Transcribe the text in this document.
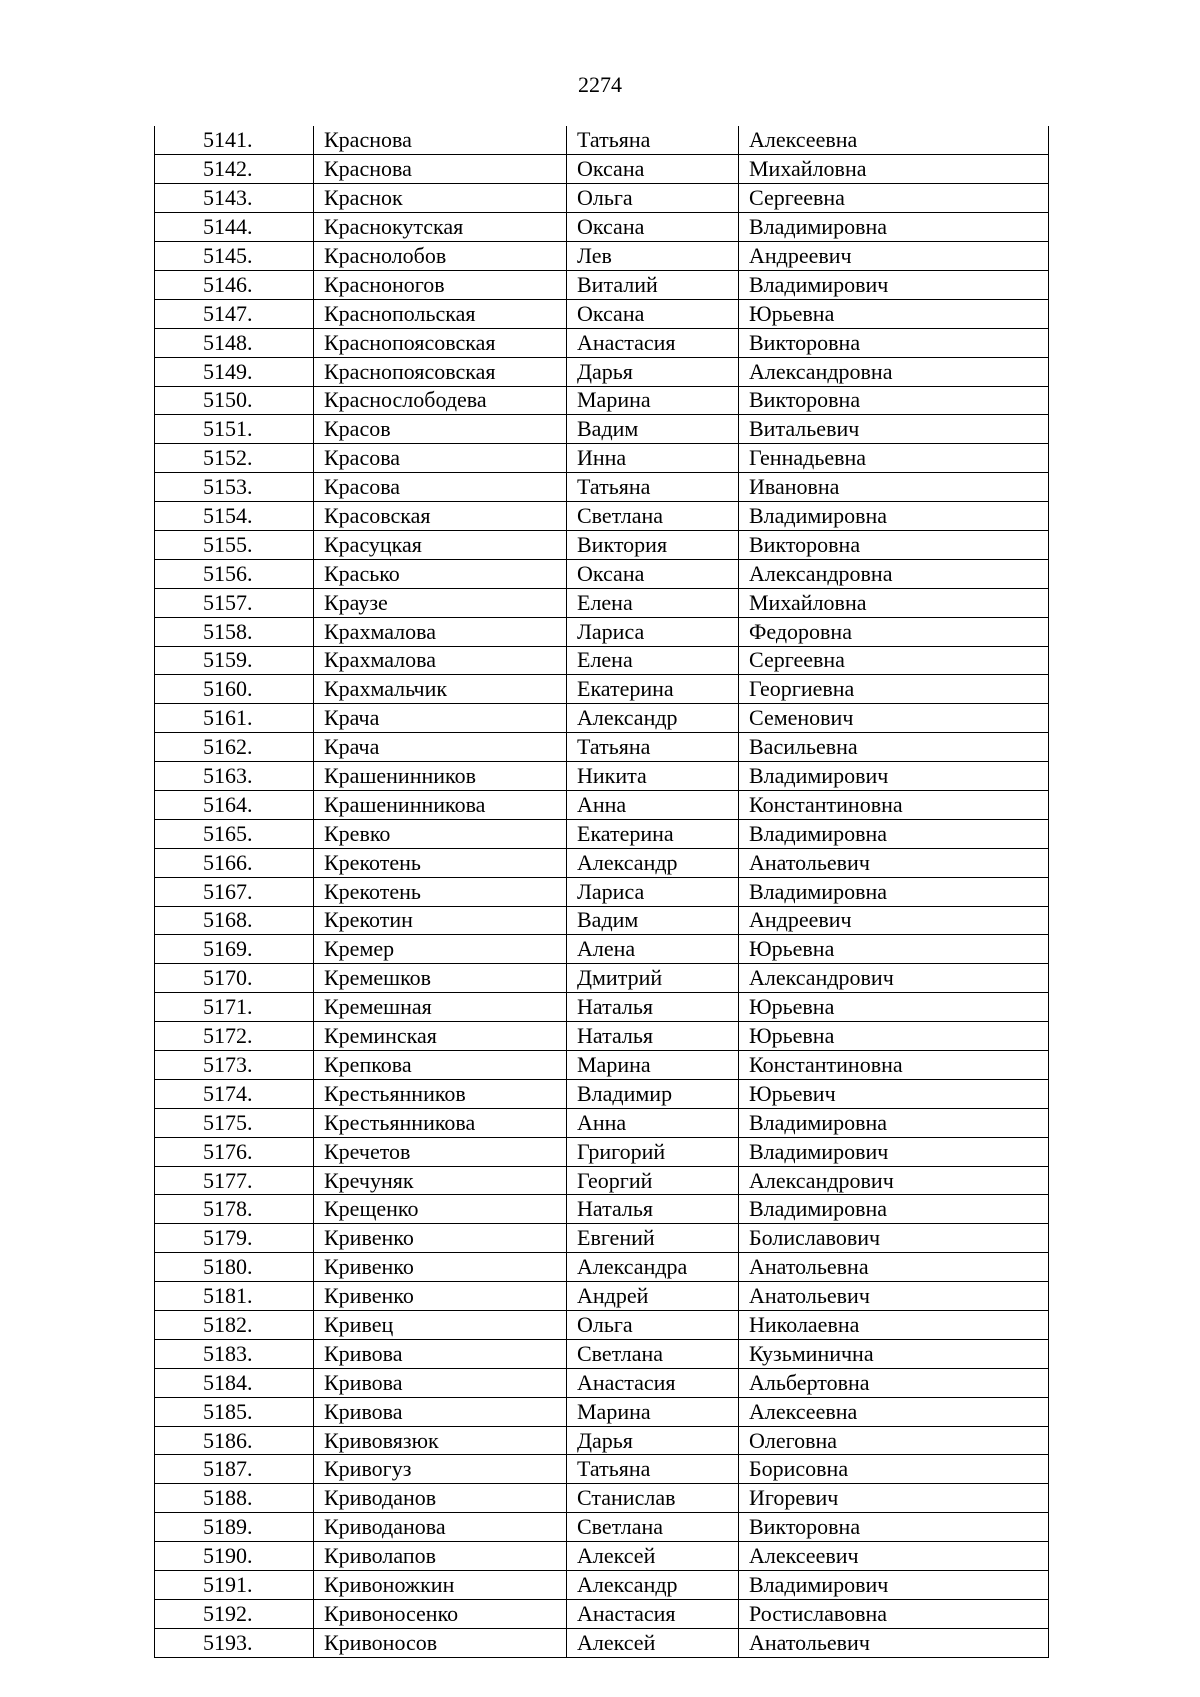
2274
5141.	Краснова	Татьяна	Алексеевна
5142.	Краснова	Оксана	Михайловна
5143.	Краснок	Ольга	Сергеевна
5144.	Краснокутская	Оксана	Владимировна
5145.	Краснолобов	Лев	Андреевич
5146.	Красноногов	Виталий	Владимирович
5147.	Краснопольская	Оксана	Юрьевна
5148.	Краснопоясовская	Анастасия	Викторовна
5149.	Краснопоясовская	Дарья	Александровна
5150.	Краснослободева	Марина	Викторовна
5151.	Красов	Вадим	Витальевич
5152.	Красова	Инна	Геннадьевна
5153.	Красова	Татьяна	Ивановна
5154.	Красовская	Светлана	Владимировна
5155.	Красуцкая	Виктория	Викторовна
5156.	Красько	Оксана	Александровна
5157.	Краузе	Елена	Михайловна
5158.	Крахмалова	Лариса	Федоровна
5159.	Крахмалова	Елена	Сергеевна
5160.	Крахмальчик	Екатерина	Георгиевна
5161.	Крача	Александр	Семенович
5162.	Крача	Татьяна	Васильевна
5163.	Крашенинников	Никита	Владимирович
5164.	Крашенинникова	Анна	Константиновна
5165.	Кревко	Екатерина	Владимировна
5166.	Крекотень	Александр	Анатольевич
5167.	Крекотень	Лариса	Владимировна
5168.	Крекотин	Вадим	Андреевич
5169.	Кремер	Алена	Юрьевна
5170.	Кремешков	Дмитрий	Александрович
5171.	Кремешная	Наталья	Юрьевна
5172.	Креминская	Наталья	Юрьевна
5173.	Крепкова	Марина	Константиновна
5174.	Крестьянников	Владимир	Юрьевич
5175.	Крестьянникова	Анна	Владимировна
5176.	Кречетов	Григорий	Владимирович
5177.	Кречуняк	Георгий	Александрович
5178.	Крещенко	Наталья	Владимировна
5179.	Кривенко	Евгений	Болиславович
5180.	Кривенко	Александра	Анатольевна
5181.	Кривенко	Андрей	Анатольевич
5182.	Кривец	Ольга	Николаевна
5183.	Кривова	Светлана	Кузьминична
5184.	Кривова	Анастасия	Альбертовна
5185.	Кривова	Марина	Алексеевна
5186.	Кривовязюк	Дарья	Олеговна
5187.	Кривогуз	Татьяна	Борисовна
5188.	Криводанов	Станислав	Игоревич
5189.	Криводанова	Светлана	Викторовна
5190.	Криволапов	Алексей	Алексеевич
5191.	Кривоножкин	Александр	Владимирович
5192.	Кривоносенко	Анастасия	Ростиславовна
5193.	Кривоносов	Алексей	Анатольевич
